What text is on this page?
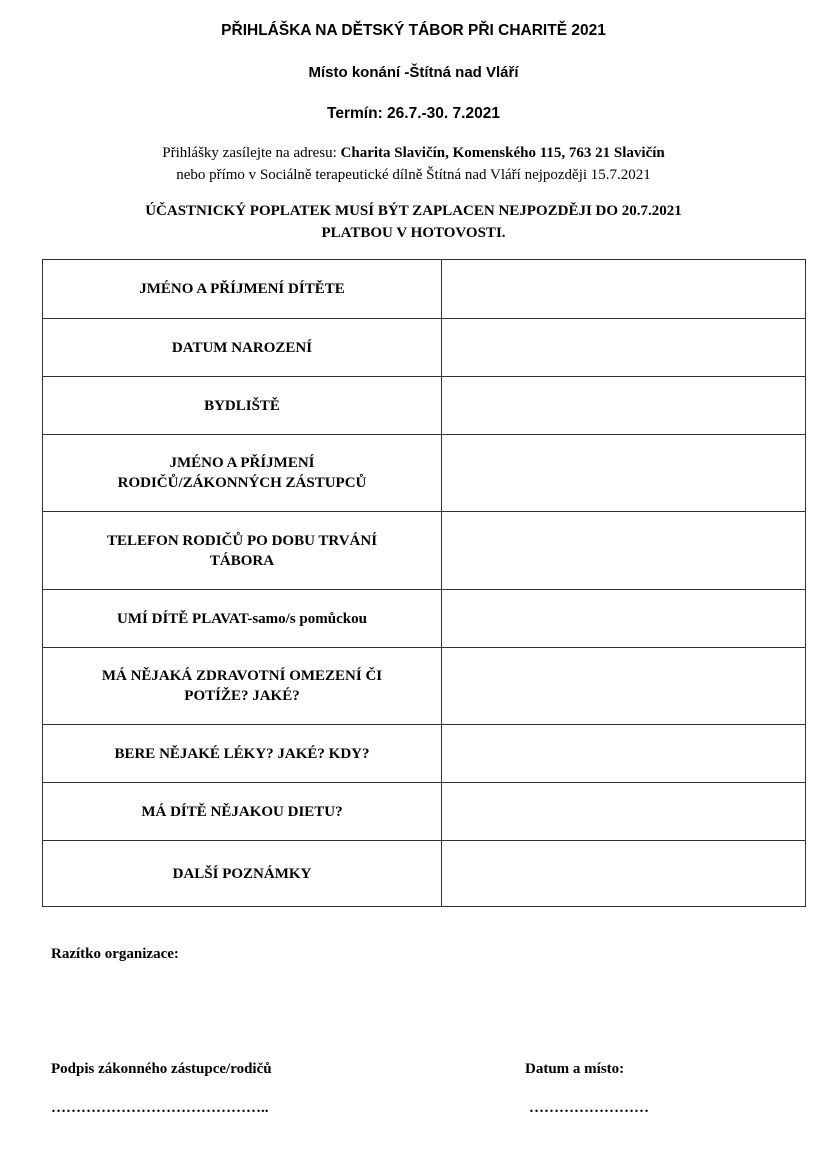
PŘIHLÁŠKA NA DĚTSKÝ TÁBOR PŘI CHARITĚ 2021
Místo konání -Štítná nad Vláří
Termín: 26.7.-30. 7.2021
Přihlášky zasílejte na adresu: Charita Slavičín, Komenského 115, 763 21 Slavičín
nebo přímo v Sociálně terapeutické dílně Štítná nad Vláří nejpozději 15.7.2021
ÚČASTNICKÝ POPLATEK MUSÍ BÝT ZAPLACEN NEJPOZDĚJI DO 20.7.2021
PLATBOU V HOTOVOSTI.
JMÉNO A PŘÍJMENÍ DÍTĚTE	
DATUM NAROZENÍ	
BYDLIŠTĚ	
JMÉNO A PŘÍJMENÍ
RODIČŮ/ZÁKONNÝCH ZÁSTUPCŮ	
TELEFON RODIČŮ PO DOBU TRVÁNÍ
TÁBORA	
UMÍ DÍTĚ PLAVAT-samo/s pomůckou	
MÁ NĚJAKÁ ZDRAVOTNÍ OMEZENÍ ČI
POTÍŽE? JAKÉ?	
BERE NĚJAKÉ LÉKY? JAKÉ? KDY?	
MÁ DÍTĚ NĚJAKOU DIETU?	
DALŠÍ POZNÁMKY	
Razítko organizace:
Podpis zákonného zástupce/rodičů	Datum a místo:
……………………………………..	……………………
